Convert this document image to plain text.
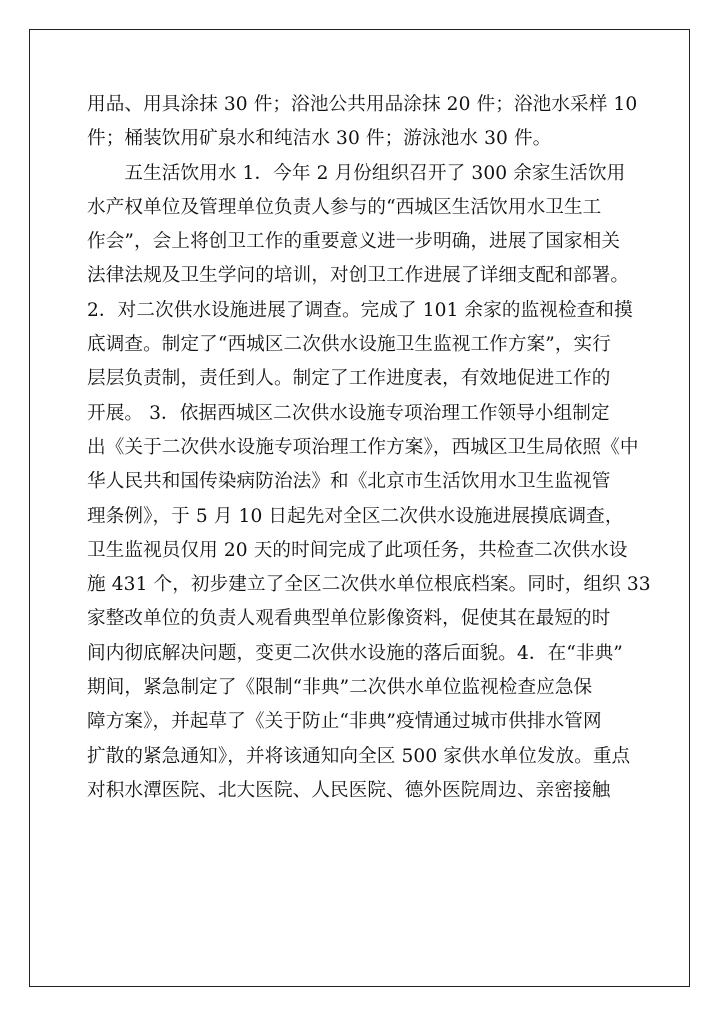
用品、用具涂抹 30 件；浴池公共用品涂抹 20 件；浴池水采样 10
件；桶装饮用矿泉水和纯洁水 30 件；游泳池水 30 件。
　　五生活饮用水 1．今年 2 月份组织召开了 300 余家生活饮用
水产权单位及管理单位负责人参与的“西城区生活饮用水卫生工
作会”，会上将创卫工作的重要意义进一步明确，进展了国家相关
法律法规及卫生学问的培训，对创卫工作进展了详细支配和部署。
2．对二次供水设施进展了调查。完成了 101 余家的监视检查和摸
底调查。制定了“西城区二次供水设施卫生监视工作方案”，实行
层层负责制，责任到人。制定了工作进度表，有效地促进工作的
开展。 3．依据西城区二次供水设施专项治理工作领导小组制定
出《关于二次供水设施专项治理工作方案》，西城区卫生局依照《中
华人民共和国传染病防治法》和《北京市生活饮用水卫生监视管
理条例》，于 5 月 10 日起先对全区二次供水设施进展摸底调查，
卫生监视员仅用 20 天的时间完成了此项任务，共检查二次供水设
施 431 个，初步建立了全区二次供水单位根底档案。同时，组织 33
家整改单位的负责人观看典型单位影像资料，促使其在最短的时
间内彻底解决问题，变更二次供水设施的落后面貌。4．在“非典”
期间，紧急制定了《限制“非典”二次供水单位监视检查应急保
障方案》，并起草了《关于防止“非典”疫情通过城市供排水管网
扩散的紧急通知》，并将该通知向全区 500 家供水单位发放。重点
对积水潭医院、北大医院、人民医院、德外医院周边、亲密接触
